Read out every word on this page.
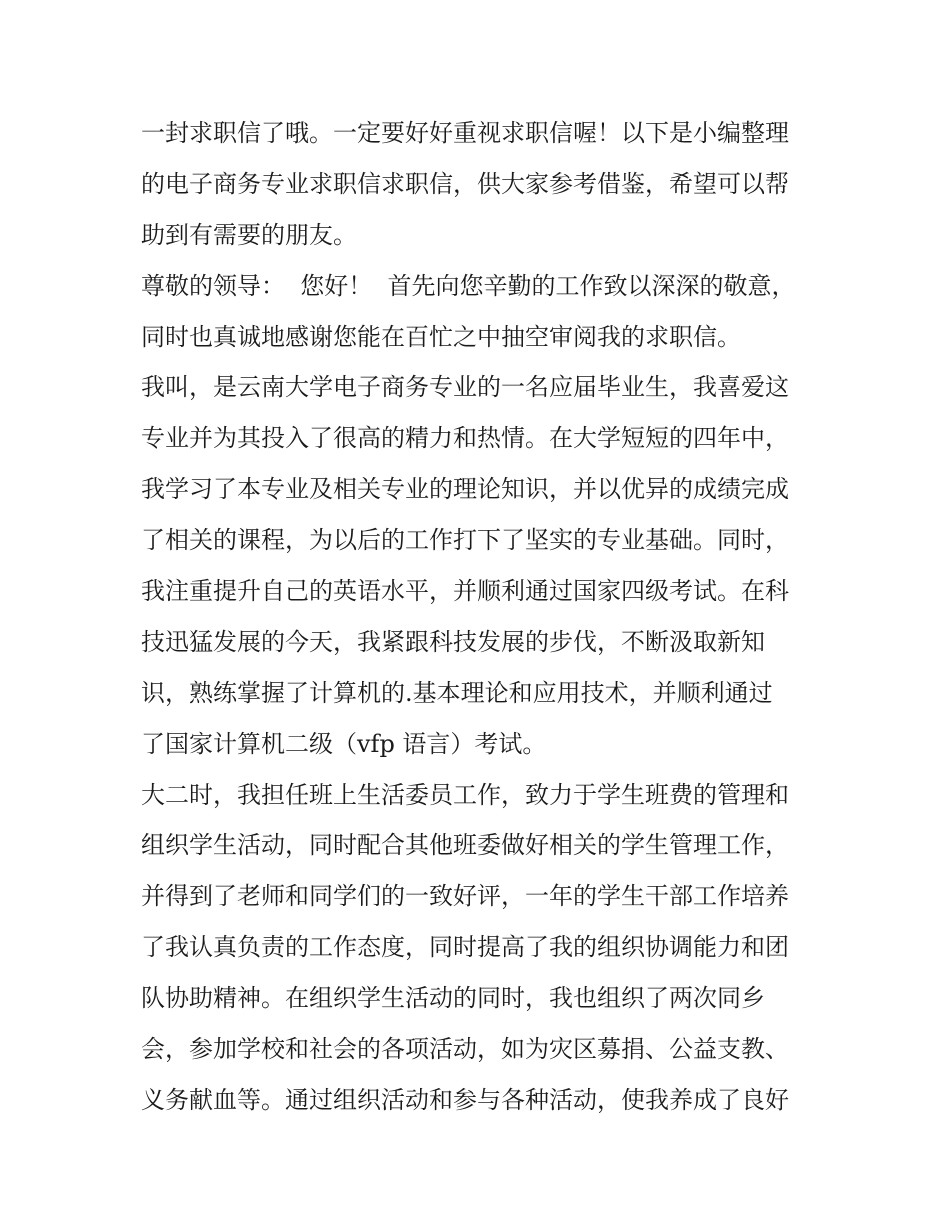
一封求职信了哦。一定要好好重视求职信喔！以下是小编整理
的电子商务专业求职信求职信，供大家参考借鉴，希望可以帮
助到有需要的朋友。
尊敬的领导：  您好！  首先向您辛勤的工作致以深深的敬意，
同时也真诚地感谢您能在百忙之中抽空审阅我的求职信。
我叫，是云南大学电子商务专业的一名应届毕业生，我喜爱这
专业并为其投入了很高的精力和热情。在大学短短的四年中，
我学习了本专业及相关专业的理论知识，并以优异的成绩完成
了相关的课程，为以后的工作打下了坚实的专业基础。同时，
我注重提升自己的英语水平，并顺利通过国家四级考试。在科
技迅猛发展的今天，我紧跟科技发展的步伐，不断汲取新知
识，熟练掌握了计算机的.基本理论和应用技术，并顺利通过
了国家计算机二级（vfp 语言）考试。
大二时，我担任班上生活委员工作，致力于学生班费的管理和
组织学生活动，同时配合其他班委做好相关的学生管理工作，
并得到了老师和同学们的一致好评，一年的学生干部工作培养
了我认真负责的工作态度，同时提高了我的组织协调能力和团
队协助精神。在组织学生活动的同时，我也组织了两次同乡
会，参加学校和社会的各项活动，如为灾区募捐、公益支教、
义务献血等。通过组织活动和参与各种活动，使我养成了良好
